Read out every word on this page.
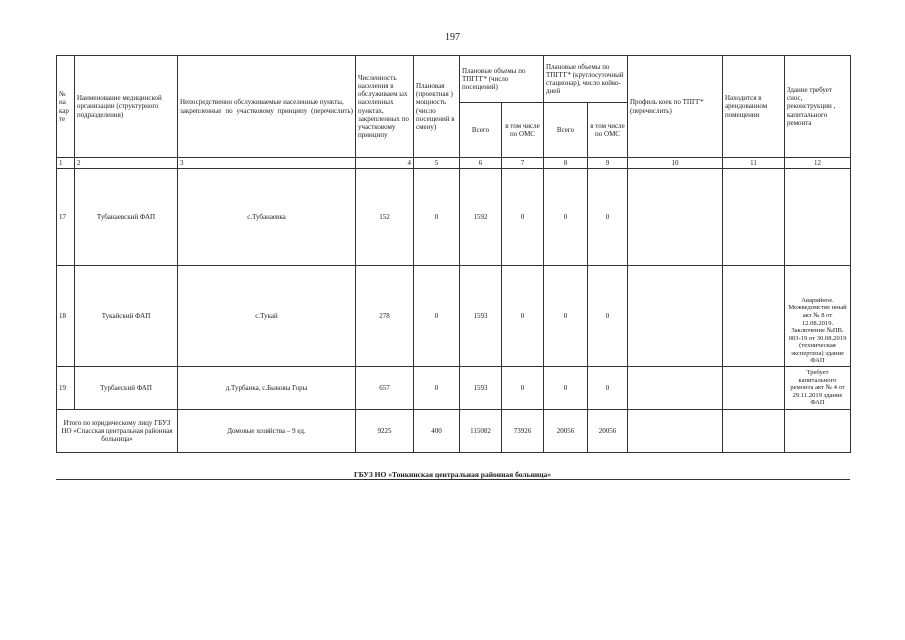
197
№ на кар те	Наименование медицинской организации (структурного подразделения)	Непосредственно обслуживаемые населенные пункты, закрепленные по участковому принципу (перечислить)	Численность населения в обслуживаем ых населенных пунктах, закрепленных по участковому принципу	Плановая (проектная ) мощность (число посещений в смену)	Плановые объемы по ТПГГГ* (число посещений)		Плановые объемы по ТПГГГ* (круглосуточный стационар), число койко-дней		Профиль коек по ТПГГ* (перечислить)	Находится в арендованном помещении	Здание требует снос, реконструкции , капитального ремонта
					Всего	в том числе по ОМС	Всего	в том числе по ОМС			
1	2	3	4	5	6	7	8	9	10	11	12
17	Тубанаевский ФАП	с.Тубанаевка	152	0	1592	0	0	0			
18	Тукайский ФАП	с.Тукай	278	0	1593	0	0	0			Аварийное. Межведомстве нный акт № 8 от 12.08.2019. Заключение №ПВ. 003-19 от 30.08.2019 (техническая экспертиза) здание ФАП
19	Турбаеский ФАП	д.Турбаика, с.Быковы Горы	657	0	1593	0	0	0			Требует капитального ремонта акт № 4 от 29.11.2019 здание ФАП
Итого по юридическому лицу ГБУЗ НО «Спасская центральная районная больница»		Домовые хозяйства – 9 ед.	9225	400	115082	73926	20056	20056			
ГБУЗ НО «Тонкинская центральная районная больница»
